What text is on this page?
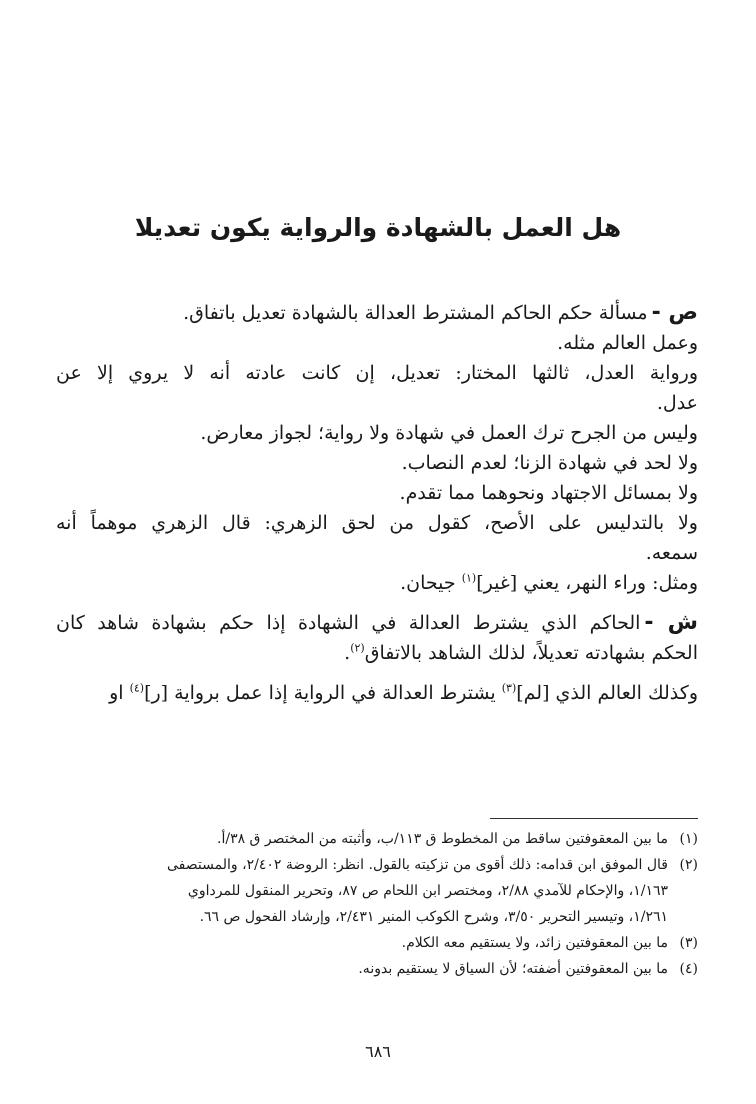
هل العمل بالشهادة والرواية يكون تعديلا
ص -مسألة حكم الحاكم المشترط العدالة بالشهادة تعديل باتفاق.
وعمل العالم مثله.
ورواية العدل، ثالثها المختار: تعديل، إن كانت عادته أنه لا يروي إلا عن
عدل.
وليس من الجرح ترك العمل في شهادة ولا رواية؛ لجواز معارض.
ولا لحد في شهادة الزنا؛ لعدم النصاب.
ولا بمسائل الاجتهاد ونحوهما مما تقدم.
ولا بالتدليس على الأصح، كقول من لحق الزهري: قال الزهري موهماً أنه
سمعه.
ومثل: وراء النهر، يعني [غير]$^{(١)}$ جيحان.
ش -الحاكم الذي يشترط العدالة في الشهادة إذا حكم بشهادة شاهد كان
الحكم بشهادته تعديلاً، لذلك الشاهد بالاتفاق$^{(٢)}$.
وكذلك العالم الذي [لم]$^{(٣)}$ يشترط العدالة في الرواية إذا عمل برواية [ر]$^{(٤)}$ او
(١)ما بين المعقوفتين ساقط من المخطوط ق ١١٣/ب، وأثبته من المختصر ق ٣٨/أ.
(٢)قال الموفق ابن قدامه: ذلك أقوى من تزكيته بالقول. انظر: الروضة ٢/٤٠٢، والمستصفى
١/١٦٣، والإحكام للآمدي ٢/٨٨، ومختصر ابن اللحام ص ٨٧، وتحرير المنقول للمرداوي
١/٢٦١، وتيسير التحرير ٣/٥٠، وشرح الكوكب المنير ٢/٤٣١، وإرشاد الفحول ص ٦٦.
(٣)ما بين المعقوفتين زائد، ولا يستقيم معه الكلام.
(٤)ما بين المعقوفتين أضفته؛ لأن السياق لا يستقيم بدونه.
٦٨٦
